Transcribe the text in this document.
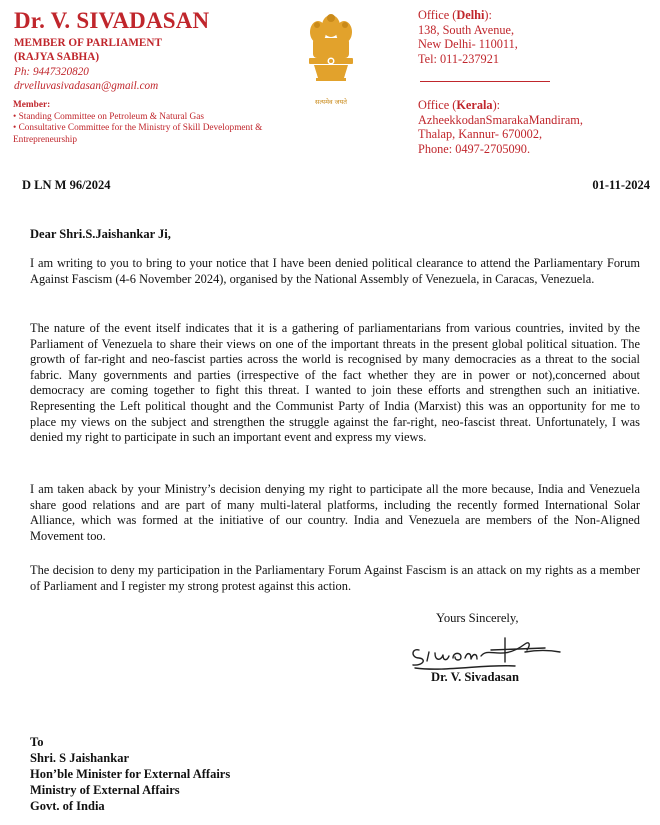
Dr. V. SIVADASAN
MEMBER OF PARLIAMENT
(RAJYA SABHA)
Ph: 9447320820
drvelluvasivadasan@gmail.com
Member:
• Standing Committee on Petroleum & Natural Gas
• Consultative Committee for the Ministry of Skill Development & Entrepreneurship
सत्यमेव जयते
Office (Delhi):
138, South Avenue,
New Delhi- 110011,
Tel: 011-237921
Office (Kerala):
AzheekkodanSmarakaMandiram,
Thalap, Kannur- 670002,
Phone: 0497-2705090.
D LN M 96/2024	01-11-2024
Dear Shri.S.Jaishankar Ji,
I am writing to you to bring to your notice that I have been denied political clearance to attend the Parliamentary Forum Against Fascism (4-6 November 2024), organised by the National Assembly of Venezuela, in Caracas, Venezuela.
The nature of the event itself indicates that it is a gathering of parliamentarians from various countries, invited by the Parliament of Venezuela to share their views on one of the important threats in the present global political situation. The growth of far-right and neo-fascist parties across the world is recognised by many democracies as a threat to the social fabric. Many governments and parties (irrespective of the fact whether they are in power or not),concerned about democracy are coming together to fight this threat. I wanted to join these efforts and strengthen such an initiative. Representing the Left political thought and the Communist Party of India (Marxist) this was an opportunity for me to place my views on the subject and strengthen the struggle against the far-right, neo-fascist threat. Unfortunately, I was denied my right to participate in such an important event and express my views.
I am taken aback by your Ministry’s decision denying my right to participate all the more because, India and Venezuela share good relations and are part of many multi-lateral platforms, including the recently formed International Solar Alliance, which was formed at the initiative of our country. India and Venezuela are members of the Non-Aligned Movement too.
The decision to deny my participation in the Parliamentary Forum Against Fascism is an attack on my rights as a member of Parliament and I register my strong protest against this action.
Yours Sincerely,
Dr. V. Sivadasan
To
Shri. S Jaishankar
Hon’ble Minister for External Affairs
Ministry of External Affairs
Govt. of India
